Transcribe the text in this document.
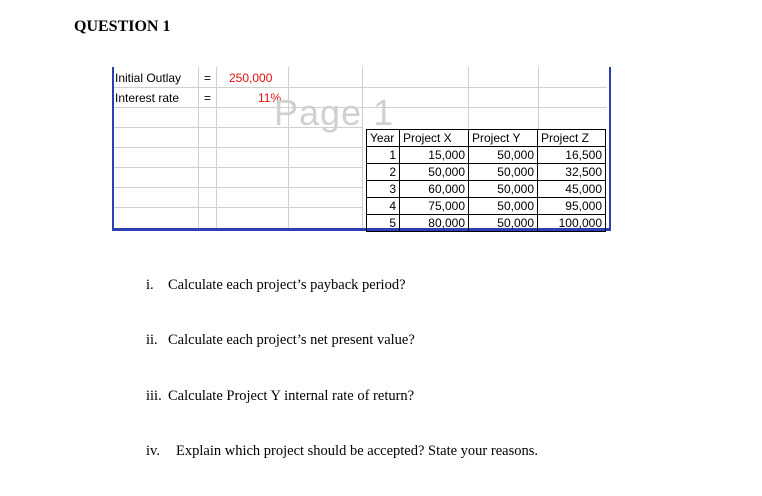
QUESTION 1
Initial Outlay = 250,000
Interest rate =	11%
Page 1
Year	Project X	Project Y	Project Z
1	15,000	50,000	16,500
2	50,000	50,000	32,500
3	60,000	50,000	45,000
4	75,000	50,000	95,000
5	80,000	50,000	100,000
i. Calculate each project’s payback period?
ii. Calculate each project’s net present value?
iii. Calculate Project Y internal rate of return?
iv. Explain which project should be accepted? State your reasons.
